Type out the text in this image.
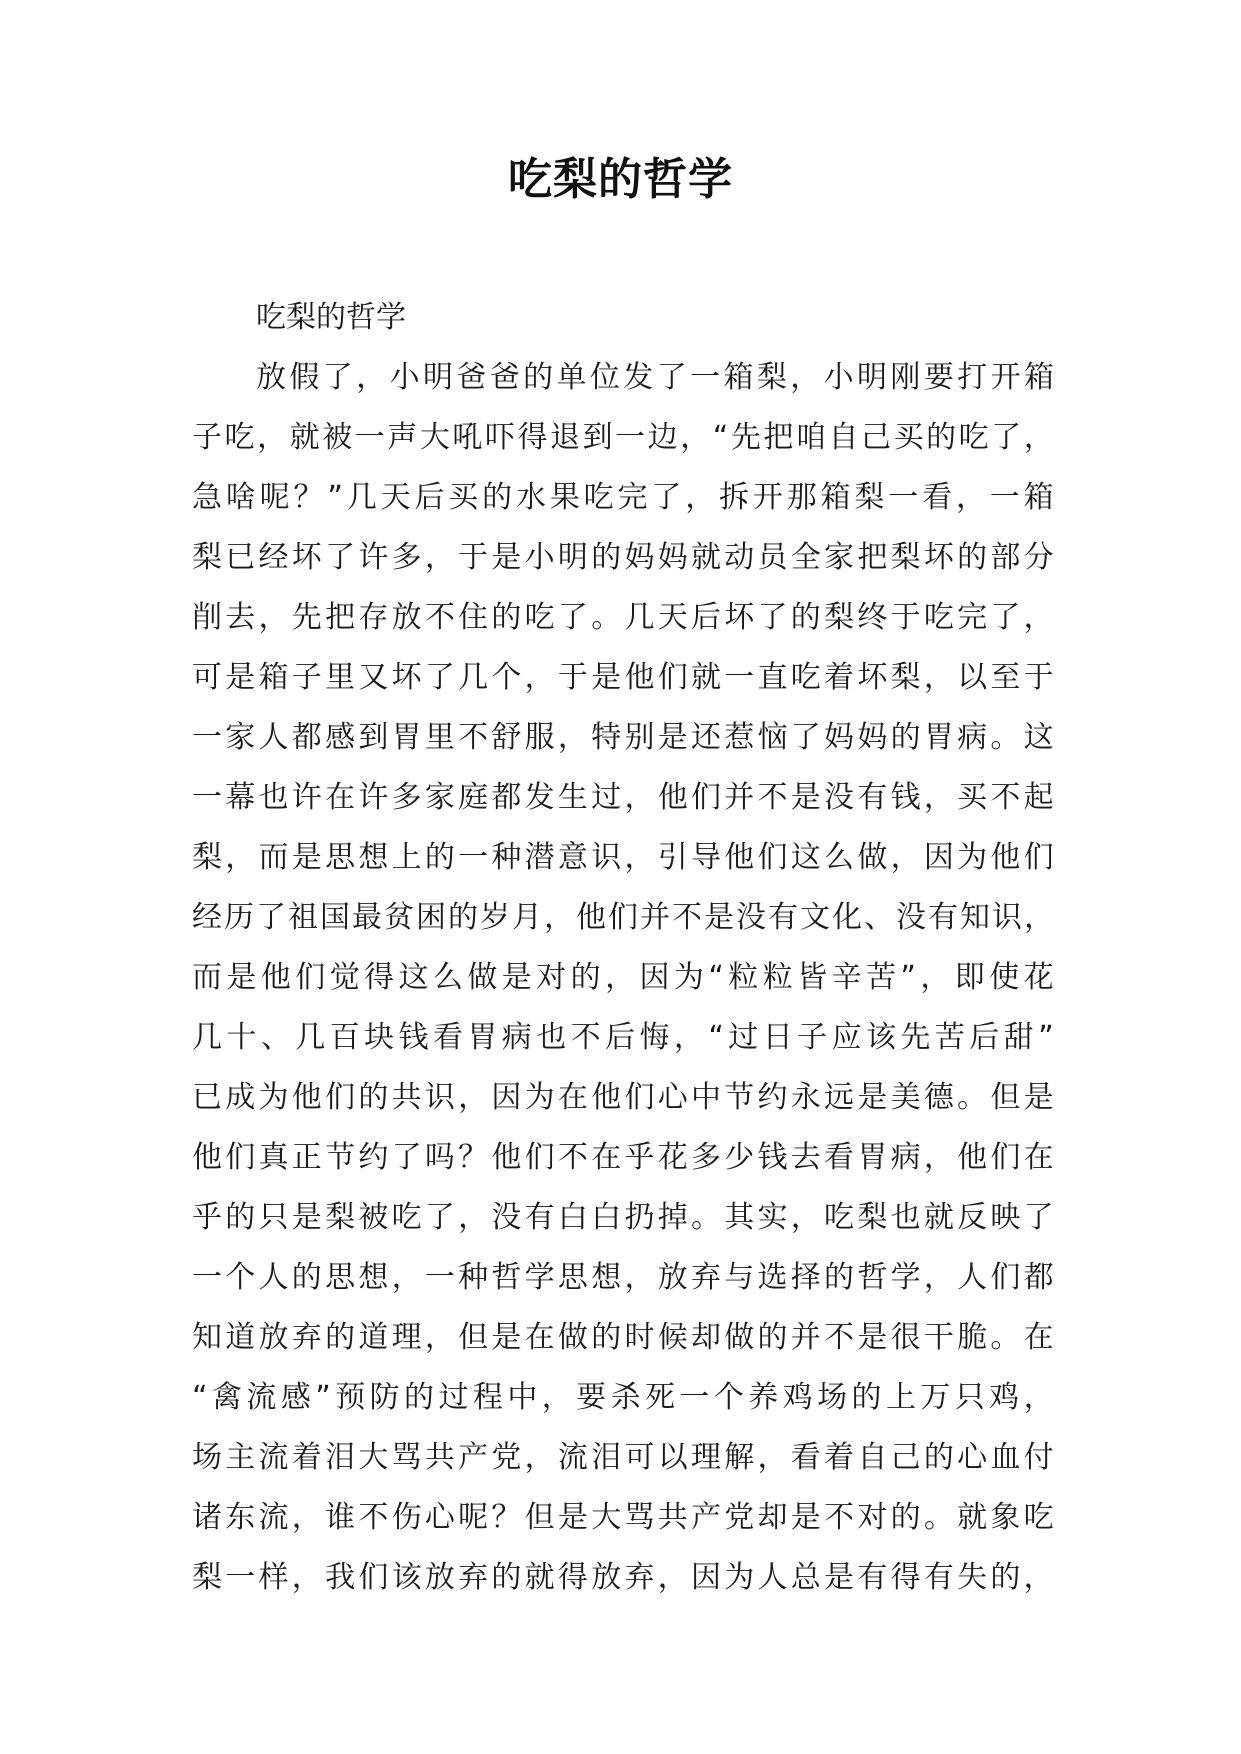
吃梨的哲学
吃梨的哲学
放 假 了 ， 小 明 爸 爸 的 单 位 发 了 一 箱 梨 ， 小 明 刚 要 打 开 箱
子 吃 ， 就 被 一 声 大 吼 吓 得 退 到 一 边 ， “ 先 把 咱 自 己 买 的 吃 了 ，
急 啥 呢 ？ ” 几 天 后 买 的 水 果 吃 完 了 ， 拆 开 那 箱 梨 一 看 ， 一 箱
梨 已 经 坏 了 许 多 ， 于 是 小 明 的 妈 妈 就 动 员 全 家 把 梨 坏 的 部 分
削 去 ， 先 把 存 放 不 住 的 吃 了 。 几 天 后 坏 了 的 梨 终 于 吃 完 了 ，
可 是 箱 子 里 又 坏 了 几 个 ， 于 是 他 们 就 一 直 吃 着 坏 梨 ， 以 至 于
一 家 人 都 感 到 胃 里 不 舒 服 ， 特 别 是 还 惹 恼 了 妈 妈 的 胃 病 。 这
一 幕 也 许 在 许 多 家 庭 都 发 生 过 ， 他 们 并 不 是 没 有 钱 ， 买 不 起
梨 ， 而 是 思 想 上 的 一 种 潜 意 识 ， 引 导 他 们 这 么 做 ， 因 为 他 们
经 历 了 祖 国 最 贫 困 的 岁 月 ， 他 们 并 不 是 没 有 文 化 、 没 有 知 识 ，
而 是 他 们 觉 得 这 么 做 是 对 的 ， 因 为 “ 粒 粒 皆 辛 苦 ” ， 即 使 花
几 十 、 几 百 块 钱 看 胃 病 也 不 后 悔 ， “ 过 日 子 应 该 先 苦 后 甜 ”
已 成 为 他 们 的 共 识 ， 因 为 在 他 们 心 中 节 约 永 远 是 美 德 。 但 是
他 们 真 正 节 约 了 吗 ？ 他 们 不 在 乎 花 多 少 钱 去 看 胃 病 ， 他 们 在
乎 的 只 是 梨 被 吃 了 ， 没 有 白 白 扔 掉 。 其 实 ， 吃 梨 也 就 反 映 了
一 个 人 的 思 想 ， 一 种 哲 学 思 想 ， 放 弃 与 选 择 的 哲 学 ， 人 们 都
知 道 放 弃 的 道 理 ， 但 是 在 做 的 时 候 却 做 的 并 不 是 很 干 脆 。 在
“ 禽 流 感 ” 预 防 的 过 程 中 ， 要 杀 死 一 个 养 鸡 场 的 上 万 只 鸡 ，
场 主 流 着 泪 大 骂 共 产 党 ， 流 泪 可 以 理 解 ， 看 着 自 己 的 心 血 付
诸 东 流 ， 谁 不 伤 心 呢 ？ 但 是 大 骂 共 产 党 却 是 不 对 的 。 就 象 吃
梨 一 样 ， 我 们 该 放 弃 的 就 得 放 弃 ， 因 为 人 总 是 有 得 有 失 的 ，
